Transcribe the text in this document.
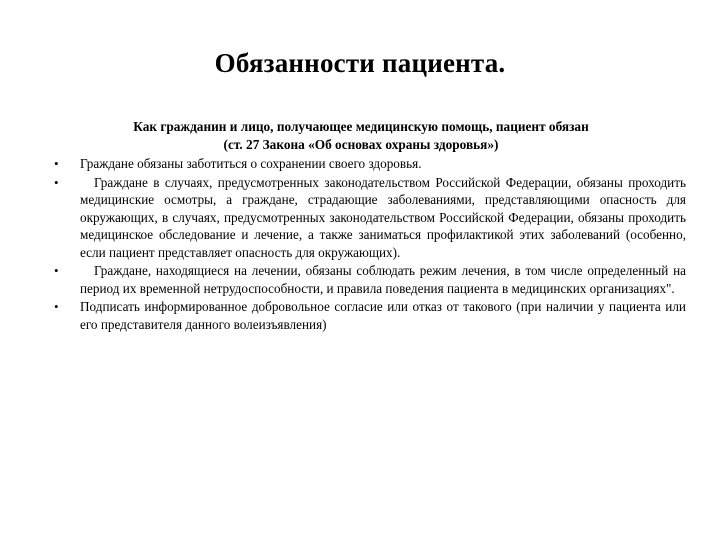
Обязанности пациента.

Как гражданин и лицо, получающее медицинскую помощь, пациент обязан
(ст. 27 Закона «Об основах охраны здоровья»)

• Граждане обязаны заботиться о сохранении своего здоровья.
•	Граждане в случаях, предусмотренных законодательством Российской Федерации, обязаны проходить медицинские осмотры, а граждане, страдающие заболеваниями, представляющими опасность для окружающих, в случаях, предусмотренных законодательством Российской Федерации, обязаны проходить медицинское обследование и лечение, а также заниматься профилактикой этих заболеваний (особенно, если пациент представляет опасность для окружающих).
•	Граждане, находящиеся на лечении, обязаны соблюдать режим лечения, в том числе определенный на период их временной нетрудоспособности, и правила поведения пациента в медицинских организациях".
• Подписать информированное добровольное согласие или отказ от такового (при наличии у пациента или его представителя данного волеизъявления)
